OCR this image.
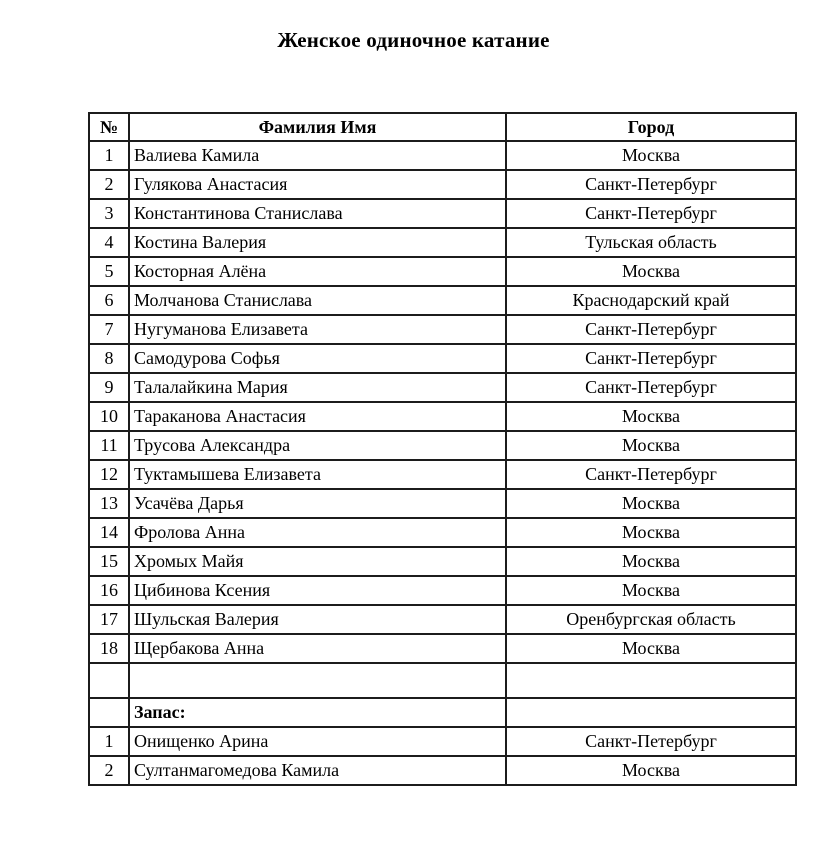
Женское одиночное катание
№	Фамилия Имя	Город
1	Валиева Камила	Москва
2	Гулякова Анастасия	Санкт-Петербург
3	Константинова Станислава	Санкт-Петербург
4	Костина Валерия	Тульская область
5	Косторная Алёна	Москва
6	Молчанова Станислава	Краснодарский край
7	Нугуманова Елизавета	Санкт-Петербург
8	Самодурова Софья	Санкт-Петербург
9	Талалайкина Мария	Санкт-Петербург
10	Тараканова Анастасия	Москва
11	Трусова Александра	Москва
12	Туктамышева Елизавета	Санкт-Петербург
13	Усачёва Дарья	Москва
14	Фролова Анна	Москва
15	Хромых Майя	Москва
16	Цибинова Ксения	Москва
17	Шульская Валерия	Оренбургская область
18	Щербакова Анна	Москва

	Запас:	
1	Онищенко Арина	Санкт-Петербург
2	Султанмагомедова Камила	Москва
